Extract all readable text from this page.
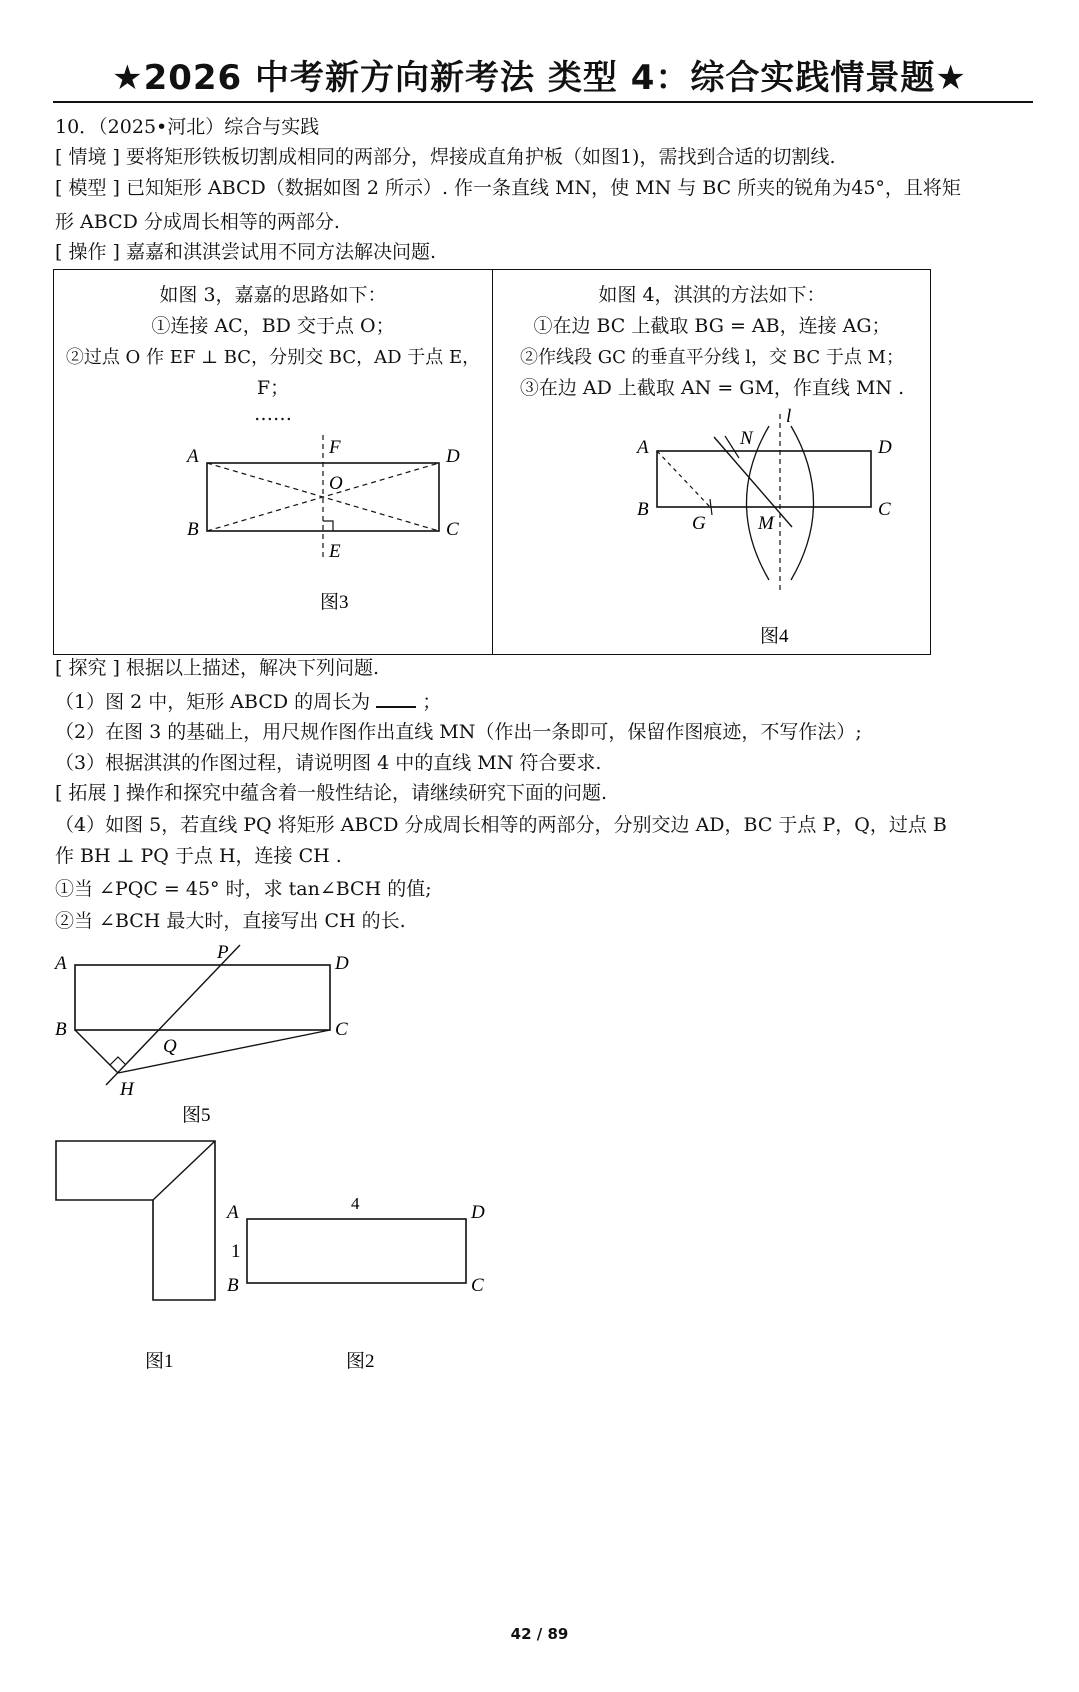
★2026 中考新方向新考法 类型 4：综合实践情景题★
10．（2025•河北）综合与实践
[ 情境 ] 要将矩形铁板切割成相同的两部分，焊接成直角护板（如图1)，需找到合适的切割线.
[ 模型 ] 已知矩形 ABCD（数据如图 2 所示）. 作一条直线 MN，使 MN 与 BC 所夹的锐角为45°，且将矩
形 ABCD 分成周长相等的两部分.
[ 操作 ] 嘉嘉和淇淇尝试用不同方法解决问题.
如图 3，嘉嘉的思路如下：
①连接 AC，BD 交于点 O；
②过点 O 作 EF ⊥ BC，分别交 BC，AD 于点 E，
F；
……
如图 4，淇淇的方法如下：
①在边 BC 上截取 BG = AB，连接 AG；
②作线段 GC 的垂直平分线 l，交 BC 于点 M；
③在边 AD 上截取 AN = GM，作直线 MN .
A	D
B	C
O
F
E
图3
A	D
B	C
N
G	M
l
图4
[ 探究 ] 根据以上描述，解决下列问题.
（1）图 2 中，矩形 ABCD 的周长为	；
（2）在图 3 的基础上，用尺规作图作出直线 MN（作出一条即可，保留作图痕迹，不写作法）;
（3）根据淇淇的作图过程，请说明图 4 中的直线 MN 符合要求.
[ 拓展 ] 操作和探究中蕴含着一般性结论，请继续研究下面的问题.
（4）如图 5，若直线 PQ 将矩形 ABCD 分成周长相等的两部分，分别交边 AD，BC 于点 P，Q，过点 B
作 BH ⊥ PQ 于点 H，连接 CH .
①当 ∠PQC = 45° 时，求 tan∠BCH 的值;
②当 ∠BCH 最大时，直接写出 CH 的长.
A
P
D
B	C
Q
H
图5
图1
A	D
B	C
4
1
图2
42 / 89
